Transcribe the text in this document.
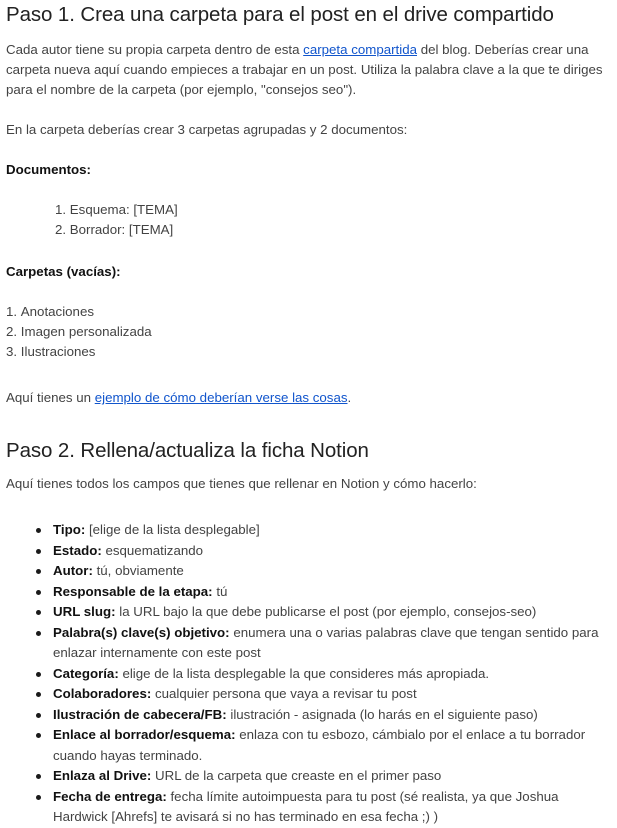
Paso 1. Crea una carpeta para el post en el drive compartido

Cada autor tiene su propia carpeta dentro de esta carpeta compartida del blog. Deberías crear una carpeta nueva aquí cuando empieces a trabajar en un post. Utiliza la palabra clave a la que te diriges para el nombre de la carpeta (por ejemplo, "consejos seo").

En la carpeta deberías crear 3 carpetas agrupadas y 2 documentos:

Documentos:

1. Esquema: [TEMA]
2. Borrador: [TEMA]

Carpetas (vacías):

1. Anotaciones
2. Imagen personalizada
3. Ilustraciones

Aquí tienes un ejemplo de cómo deberían verse las cosas.

Paso 2. Rellena/actualiza la ficha Notion

Aquí tienes todos los campos que tienes que rellenar en Notion y cómo hacerlo:

Tipo: [elige de la lista desplegable]
Estado: esquematizando
Autor: tú, obviamente
Responsable de la etapa: tú
URL slug: la URL bajo la que debe publicarse el post (por ejemplo, consejos-seo)
Palabra(s) clave(s) objetivo: enumera una o varias palabras clave que tengan sentido para enlazar internamente con este post
Categoría: elige de la lista desplegable la que consideres más apropiada.
Colaboradores: cualquier persona que vaya a revisar tu post
Ilustración de cabecera/FB: ilustración - asignada (lo harás en el siguiente paso)
Enlace al borrador/esquema: enlaza con tu esbozo, cámbialo por el enlace a tu borrador cuando hayas terminado.
Enlaza al Drive: URL de la carpeta que creaste en el primer paso
Fecha de entrega: fecha límite autoimpuesta para tu post (sé realista, ya que Joshua Hardwick [Ahrefs] te avisará si no has terminado en esa fecha ;) )
